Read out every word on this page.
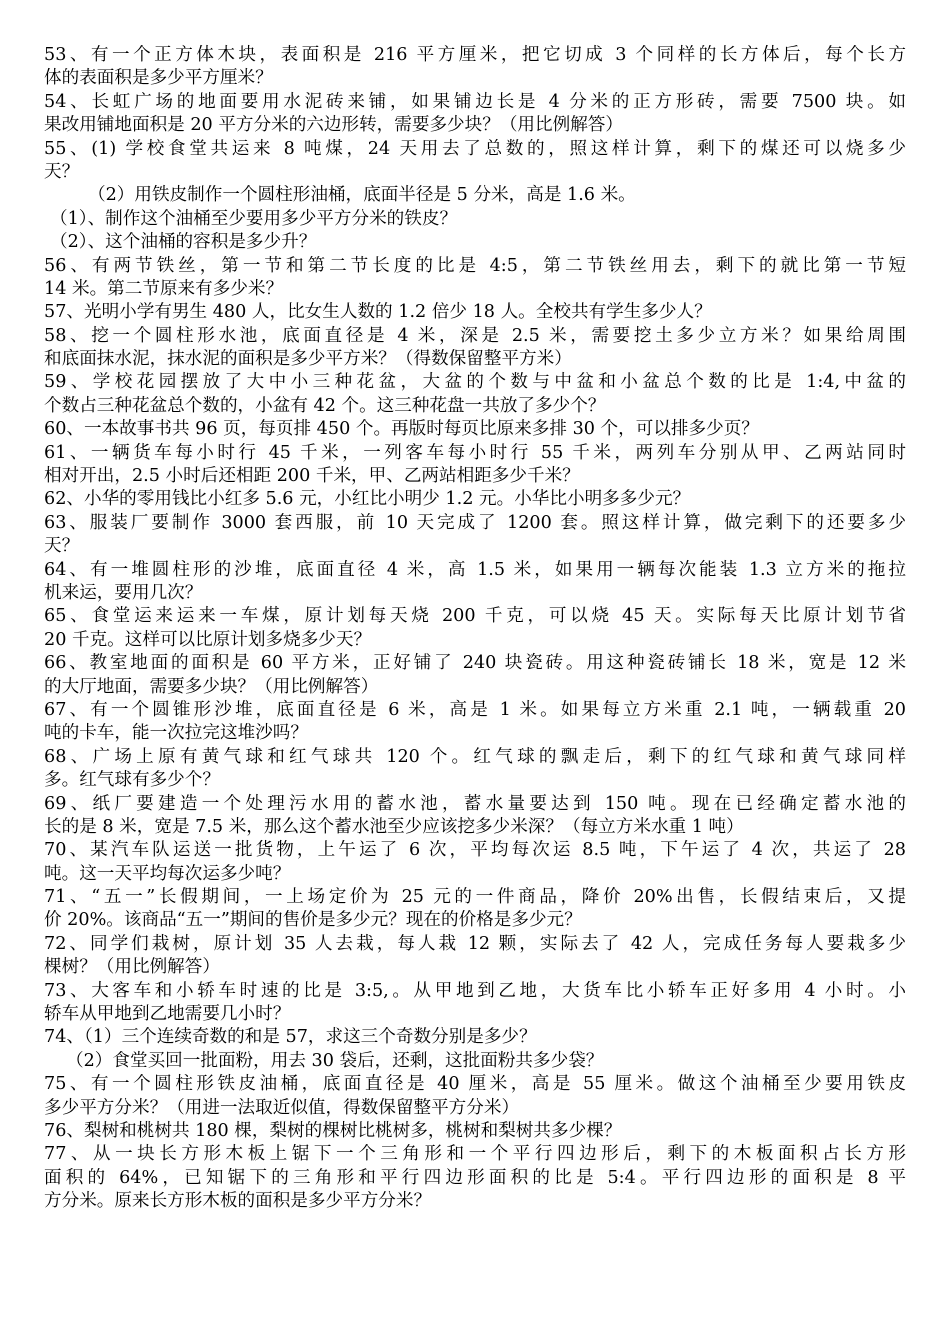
53、有一个正方体木块，表面积是 216 平方厘米，把它切成 3 个同样的长方体后，每个长方
体的表面积是多少平方厘米？
54、长虹广场的地面要用水泥砖来铺，如果铺边长是 4 分米的正方形砖，需要 7500 块。如
果改用铺地面积是 20 平方分米的六边形转，需要多少块？（用比例解答）
55、(1) 学校食堂共运来 8 吨煤，24 天用去了总数的，照这样计算，剩下的煤还可以烧多少
天？
（2）用铁皮制作一个圆柱形油桶，底面半径是 5 分米，高是 1.6 米。
（1）、制作这个油桶至少要用多少平方分米的铁皮？
（2）、这个油桶的容积是多少升？
56、有两节铁丝，第一节和第二节长度的比是 4:5，第二节铁丝用去，剩下的就比第一节短
14 米。第二节原来有多少米？
57、光明小学有男生 480 人，比女生人数的 1.2 倍少 18 人。全校共有学生多少人？
58、挖一个圆柱形水池，底面直径是 4 米，深是 2.5 米，需要挖土多少立方米？如果给周围
和底面抹水泥，抹水泥的面积是多少平方米？（得数保留整平方米）
59、学校花园摆放了大中小三种花盆，大盆的个数与中盆和小盆总个数的比是 1:4,中盆的
个数占三种花盆总个数的，小盆有 42 个。这三种花盘一共放了多少个？
60、一本故事书共 96 页，每页排 450 个。再版时每页比原来多排 30 个，可以排多少页？
61、一辆货车每小时行 45 千米，一列客车每小时行 55 千米，两列车分别从甲、乙两站同时
相对开出，2.5 小时后还相距 200 千米，甲、乙两站相距多少千米？
62、小华的零用钱比小红多 5.6 元，小红比小明少 1.2 元。小华比小明多多少元？
63、服装厂要制作 3000 套西服，前 10 天完成了 1200 套。照这样计算，做完剩下的还要多少
天？
64、有一堆圆柱形的沙堆，底面直径 4 米，高 1.5 米，如果用一辆每次能装 1.3 立方米的拖拉
机来运，要用几次？
65、食堂运来运来一车煤，原计划每天烧 200 千克，可以烧 45 天。实际每天比原计划节省
20 千克。这样可以比原计划多烧多少天？
66、教室地面的面积是 60 平方米，正好铺了 240 块瓷砖。用这种瓷砖铺长 18 米，宽是 12 米
的大厅地面，需要多少块？（用比例解答）
67、有一个圆锥形沙堆，底面直径是 6 米，高是 1 米。如果每立方米重 2.1 吨，一辆载重 20
吨的卡车，能一次拉完这堆沙吗？
68、广场上原有黄气球和红气球共 120 个。红气球的飘走后，剩下的红气球和黄气球同样
多。红气球有多少个？
69、纸厂要建造一个处理污水用的蓄水池，蓄水量要达到 150 吨。现在已经确定蓄水池的
长的是 8 米，宽是 7.5 米，那么这个蓄水池至少应该挖多少米深？（每立方米水重 1 吨）
70、某汽车队运送一批货物，上午运了 6 次，平均每次运 8.5 吨，下午运了 4 次，共运了 28
吨。这一天平均每次运多少吨？
71、“五一”长假期间，一上场定价为 25 元的一件商品，降价 20%出售，长假结束后，又提
价 20%。该商品“五一”期间的售价是多少元？现在的价格是多少元？
72、同学们栽树，原计划 35 人去栽，每人栽 12 颗，实际去了 42 人，完成任务每人要栽多少
棵树？（用比例解答）
73、大客车和小轿车时速的比是 3:5,。从甲地到乙地，大货车比小轿车正好多用 4 小时。小
轿车从甲地到乙地需要几小时？
74、（1）三个连续奇数的和是 57，求这三个奇数分别是多少？
（2）食堂买回一批面粉，用去 30 袋后，还剩，这批面粉共多少袋？
75、有一个圆柱形铁皮油桶，底面直径是 40 厘米，高是 55 厘米。做这个油桶至少要用铁皮
多少平方分米？（用进一法取近似值，得数保留整平方分米）
76、梨树和桃树共 180 棵，梨树的棵树比桃树多，桃树和梨树共多少棵？
77、从一块长方形木板上锯下一个三角形和一个平行四边形后，剩下的木板面积占长方形
面积的 64%，已知锯下的三角形和平行四边形面积的比是 5:4。平行四边形的面积是 8 平
方分米。原来长方形木板的面积是多少平方分米？
